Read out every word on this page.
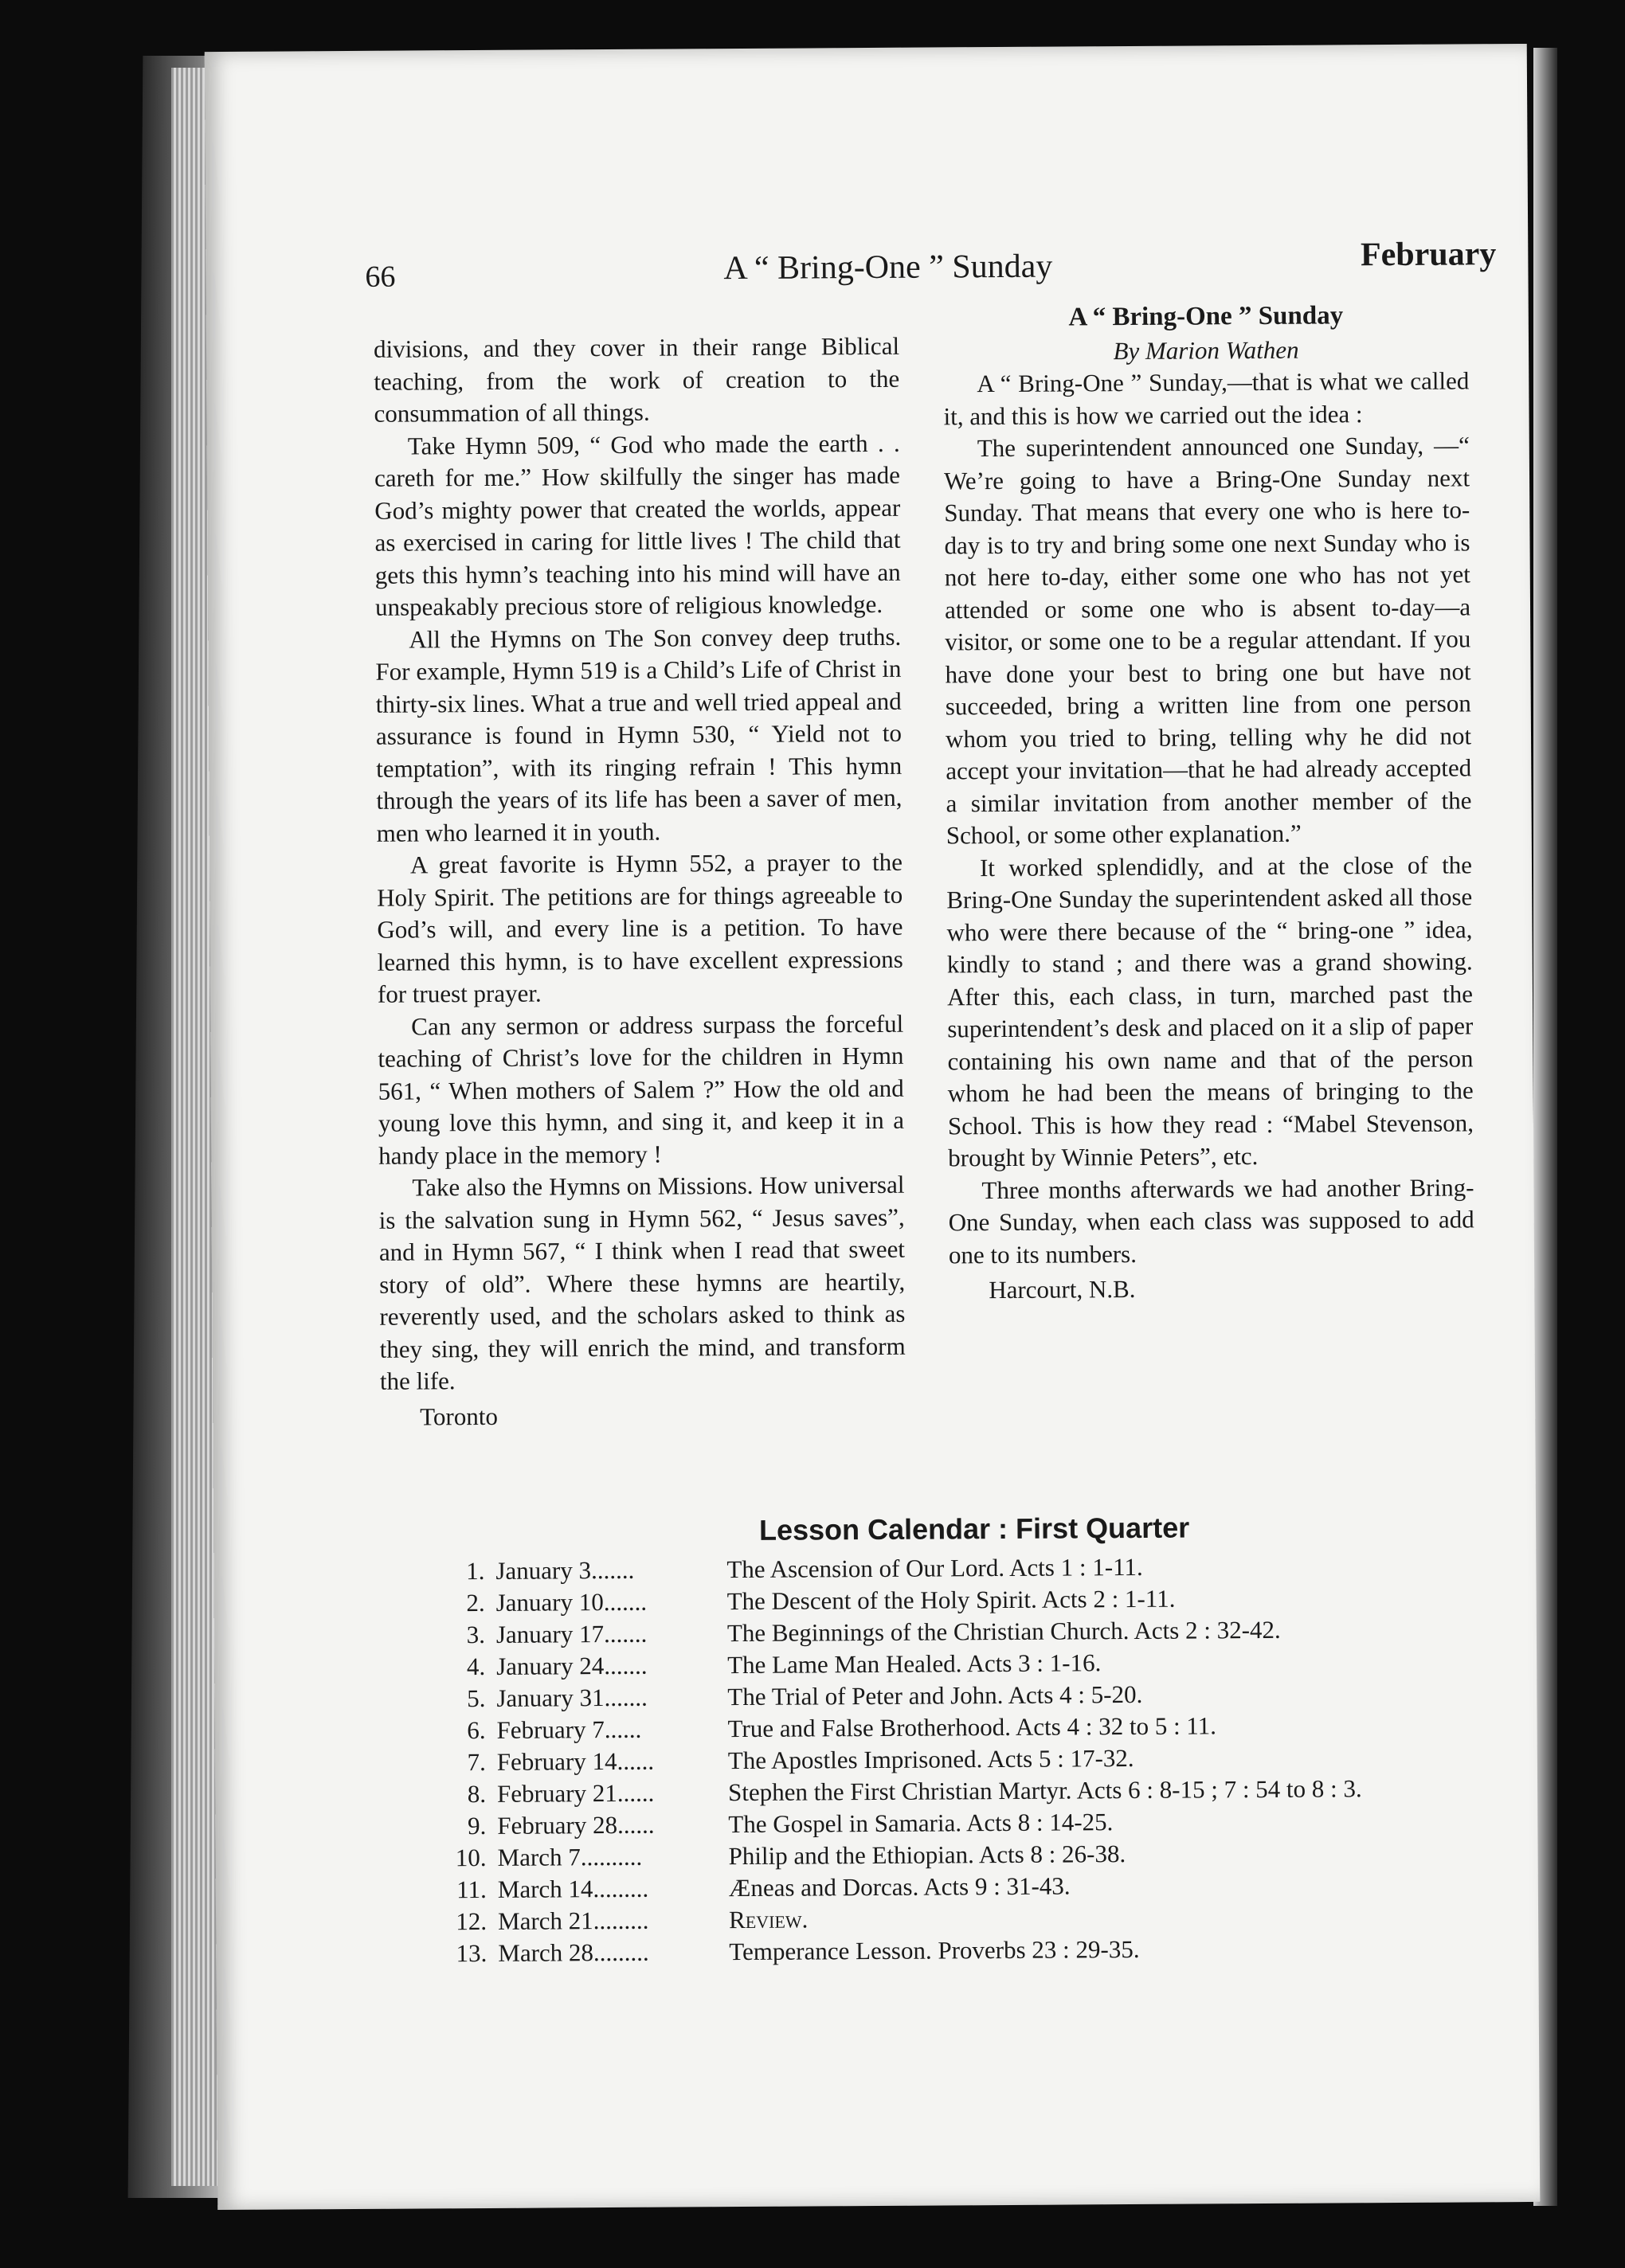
66	A “ Bring-One ” Sunday	February

divisions, and they cover in their range Biblical teaching, from the work of creation to the consummation of all things.

Take Hymn 509, “ God who made the earth . . careth for me.” How skilfully the singer has made God’s mighty power that created the worlds, appear as exercised in caring for little lives ! The child that gets this hymn’s teaching into his mind will have an unspeakably precious store of religious knowledge.

All the Hymns on The Son convey deep truths. For example, Hymn 519 is a Child’s Life of Christ in thirty-six lines. What a true and well tried appeal and assurance is found in Hymn 530, “ Yield not to temptation”, with its ringing refrain ! This hymn through the years of its life has been a saver of men, men who learned it in youth.

A great favorite is Hymn 552, a prayer to the Holy Spirit. The petitions are for things agreeable to God’s will, and every line is a petition. To have learned this hymn, is to have excellent expressions for truest prayer.

Can any sermon or address surpass the forceful teaching of Christ’s love for the children in Hymn 561, “ When mothers of Salem ?” How the old and young love this hymn, and sing it, and keep it in a handy place in the memory !

Take also the Hymns on Missions. How universal is the salvation sung in Hymn 562, “ Jesus saves”, and in Hymn 567, “ I think when I read that sweet story of old”. Where these hymns are heartily, reverently used, and the scholars asked to think as they sing, they will enrich the mind, and transform the life.

Toronto

A “ Bring-One ” Sunday

By Marion Wathen

A “ Bring-One ” Sunday,—that is what we called it, and this is how we carried out the idea :

The superintendent announced one Sunday, —“ We’re going to have a Bring-One Sunday next Sunday. That means that every one who is here to-day is to try and bring some one next Sunday who is not here to-day, either some one who has not yet attended or some one who is absent to-day—a visitor, or some one to be a regular attendant. If you have done your best to bring one but have not succeeded, bring a written line from one person whom you tried to bring, telling why he did not accept your invitation—that he had already accepted a similar invitation from another member of the School, or some other explanation.”

It worked splendidly, and at the close of the Bring-One Sunday the superintendent asked all those who were there because of the “ bring-one ” idea, kindly to stand ; and there was a grand showing. After this, each class, in turn, marched past the superintendent’s desk and placed on it a slip of paper containing his own name and that of the person whom he had been the means of bringing to the School. This is how they read : “Mabel Stevenson, brought by Winnie Peters”, etc.

Three months afterwards we had another Bring-One Sunday, when each class was supposed to add one to its numbers.

Harcourt, N.B.

Lesson Calendar : First Quarter
1. January 3.......	The Ascension of Our Lord. Acts 1 : 1-11.
2. January 10.......	The Descent of the Holy Spirit. Acts 2 : 1-11.
3. January 17.......	The Beginnings of the Christian Church. Acts 2 : 32-42.
4. January 24.......	The Lame Man Healed. Acts 3 : 1-16.
5. January 31.......	The Trial of Peter and John. Acts 4 : 5-20.
6. February 7......	True and False Brotherhood. Acts 4 : 32 to 5 : 11.
7. February 14......	The Apostles Imprisoned. Acts 5 : 17-32.
8. February 21......	Stephen the First Christian Martyr. Acts 6 : 8-15 ; 7 : 54 to 8 : 3.
9. February 28......	The Gospel in Samaria. Acts 8 : 14-25.
10. March 7..........	Philip and the Ethiopian. Acts 8 : 26-38.
11. March 14.........	Æneas and Dorcas. Acts 9 : 31-43.
12. March 21.........	Review.
13. March 28.........	Temperance Lesson. Proverbs 23 : 29-35.
